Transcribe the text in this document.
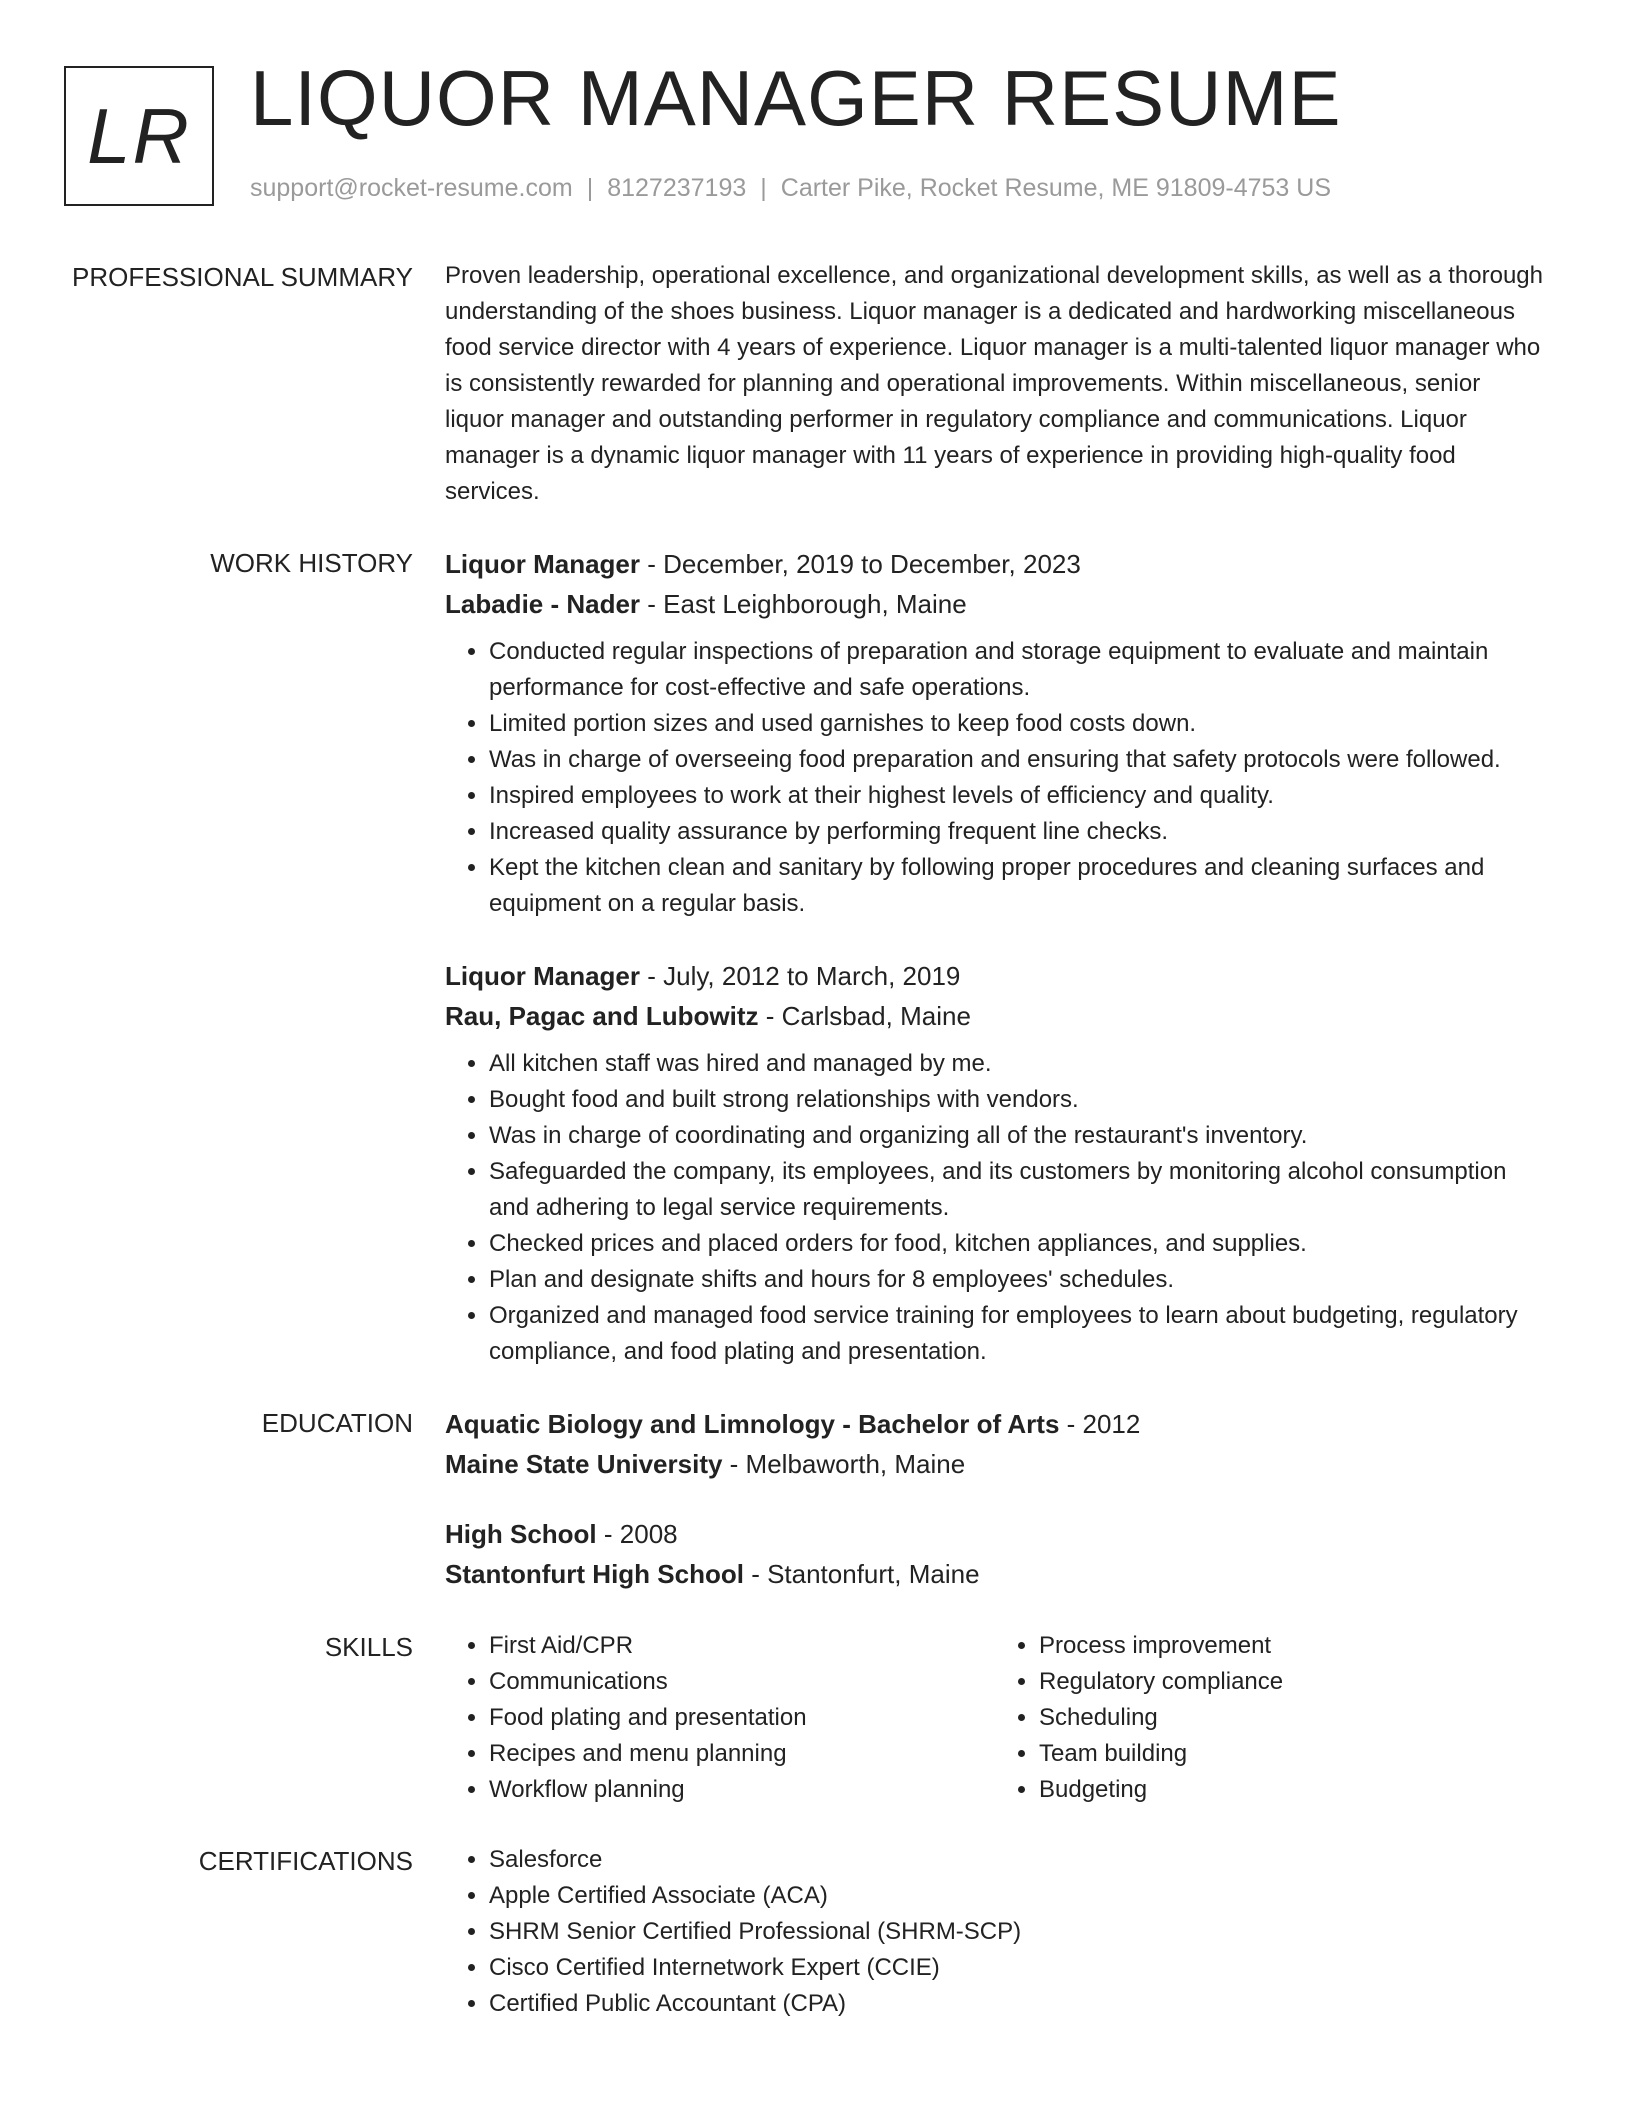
LR LIQUOR MANAGER RESUME
support@rocket-resume.com | 8127237193 | Carter Pike, Rocket Resume, ME 91809-4753 US
PROFESSIONAL SUMMARY Proven leadership, operational excellence, and organizational development skills, as well as a thorough understanding of the shoes business. Liquor manager is a dedicated and hardworking miscellaneous food service director with 4 years of experience. Liquor manager is a multi-talented liquor manager who is consistently rewarded for planning and operational improvements. Within miscellaneous, senior liquor manager and outstanding performer in regulatory compliance and communications. Liquor manager is a dynamic liquor manager with 11 years of experience in providing high-quality food services.

WORK HISTORY Liquor Manager - December, 2019 to December, 2023
Labadie - Nader - East Leighborough, Maine
• Conducted regular inspections of preparation and storage equipment to evaluate and maintain performance for cost-effective and safe operations.
• Limited portion sizes and used garnishes to keep food costs down.
• Was in charge of overseeing food preparation and ensuring that safety protocols were followed.
• Inspired employees to work at their highest levels of efficiency and quality.
• Increased quality assurance by performing frequent line checks.
• Kept the kitchen clean and sanitary by following proper procedures and cleaning surfaces and equipment on a regular basis.
Liquor Manager - July, 2012 to March, 2019
Rau, Pagac and Lubowitz - Carlsbad, Maine
• All kitchen staff was hired and managed by me.
• Bought food and built strong relationships with vendors.
• Was in charge of coordinating and organizing all of the restaurant's inventory.
• Safeguarded the company, its employees, and its customers by monitoring alcohol consumption and adhering to legal service requirements.
• Checked prices and placed orders for food, kitchen appliances, and supplies.
• Plan and designate shifts and hours for 8 employees' schedules.
• Organized and managed food service training for employees to learn about budgeting, regulatory compliance, and food plating and presentation.
EDUCATION Aquatic Biology and Limnology - Bachelor of Arts - 2012
Maine State University - Melbaworth, Maine
High School - 2008
Stantonfurt High School - Stantonfurt, Maine
SKILLS	• First Aid/CPR
• Communications
• Food plating and presentation
• Recipes and menu planning
• Workflow planning
• Process improvement
• Regulatory compliance
• Scheduling
• Team building
• Budgeting
CERTIFICATIONS	• Salesforce
• Apple Certified Associate (ACA)
• SHRM Senior Certified Professional (SHRM-SCP)
• Cisco Certified Internetwork Expert (CCIE)
• Certified Public Accountant (CPA)
